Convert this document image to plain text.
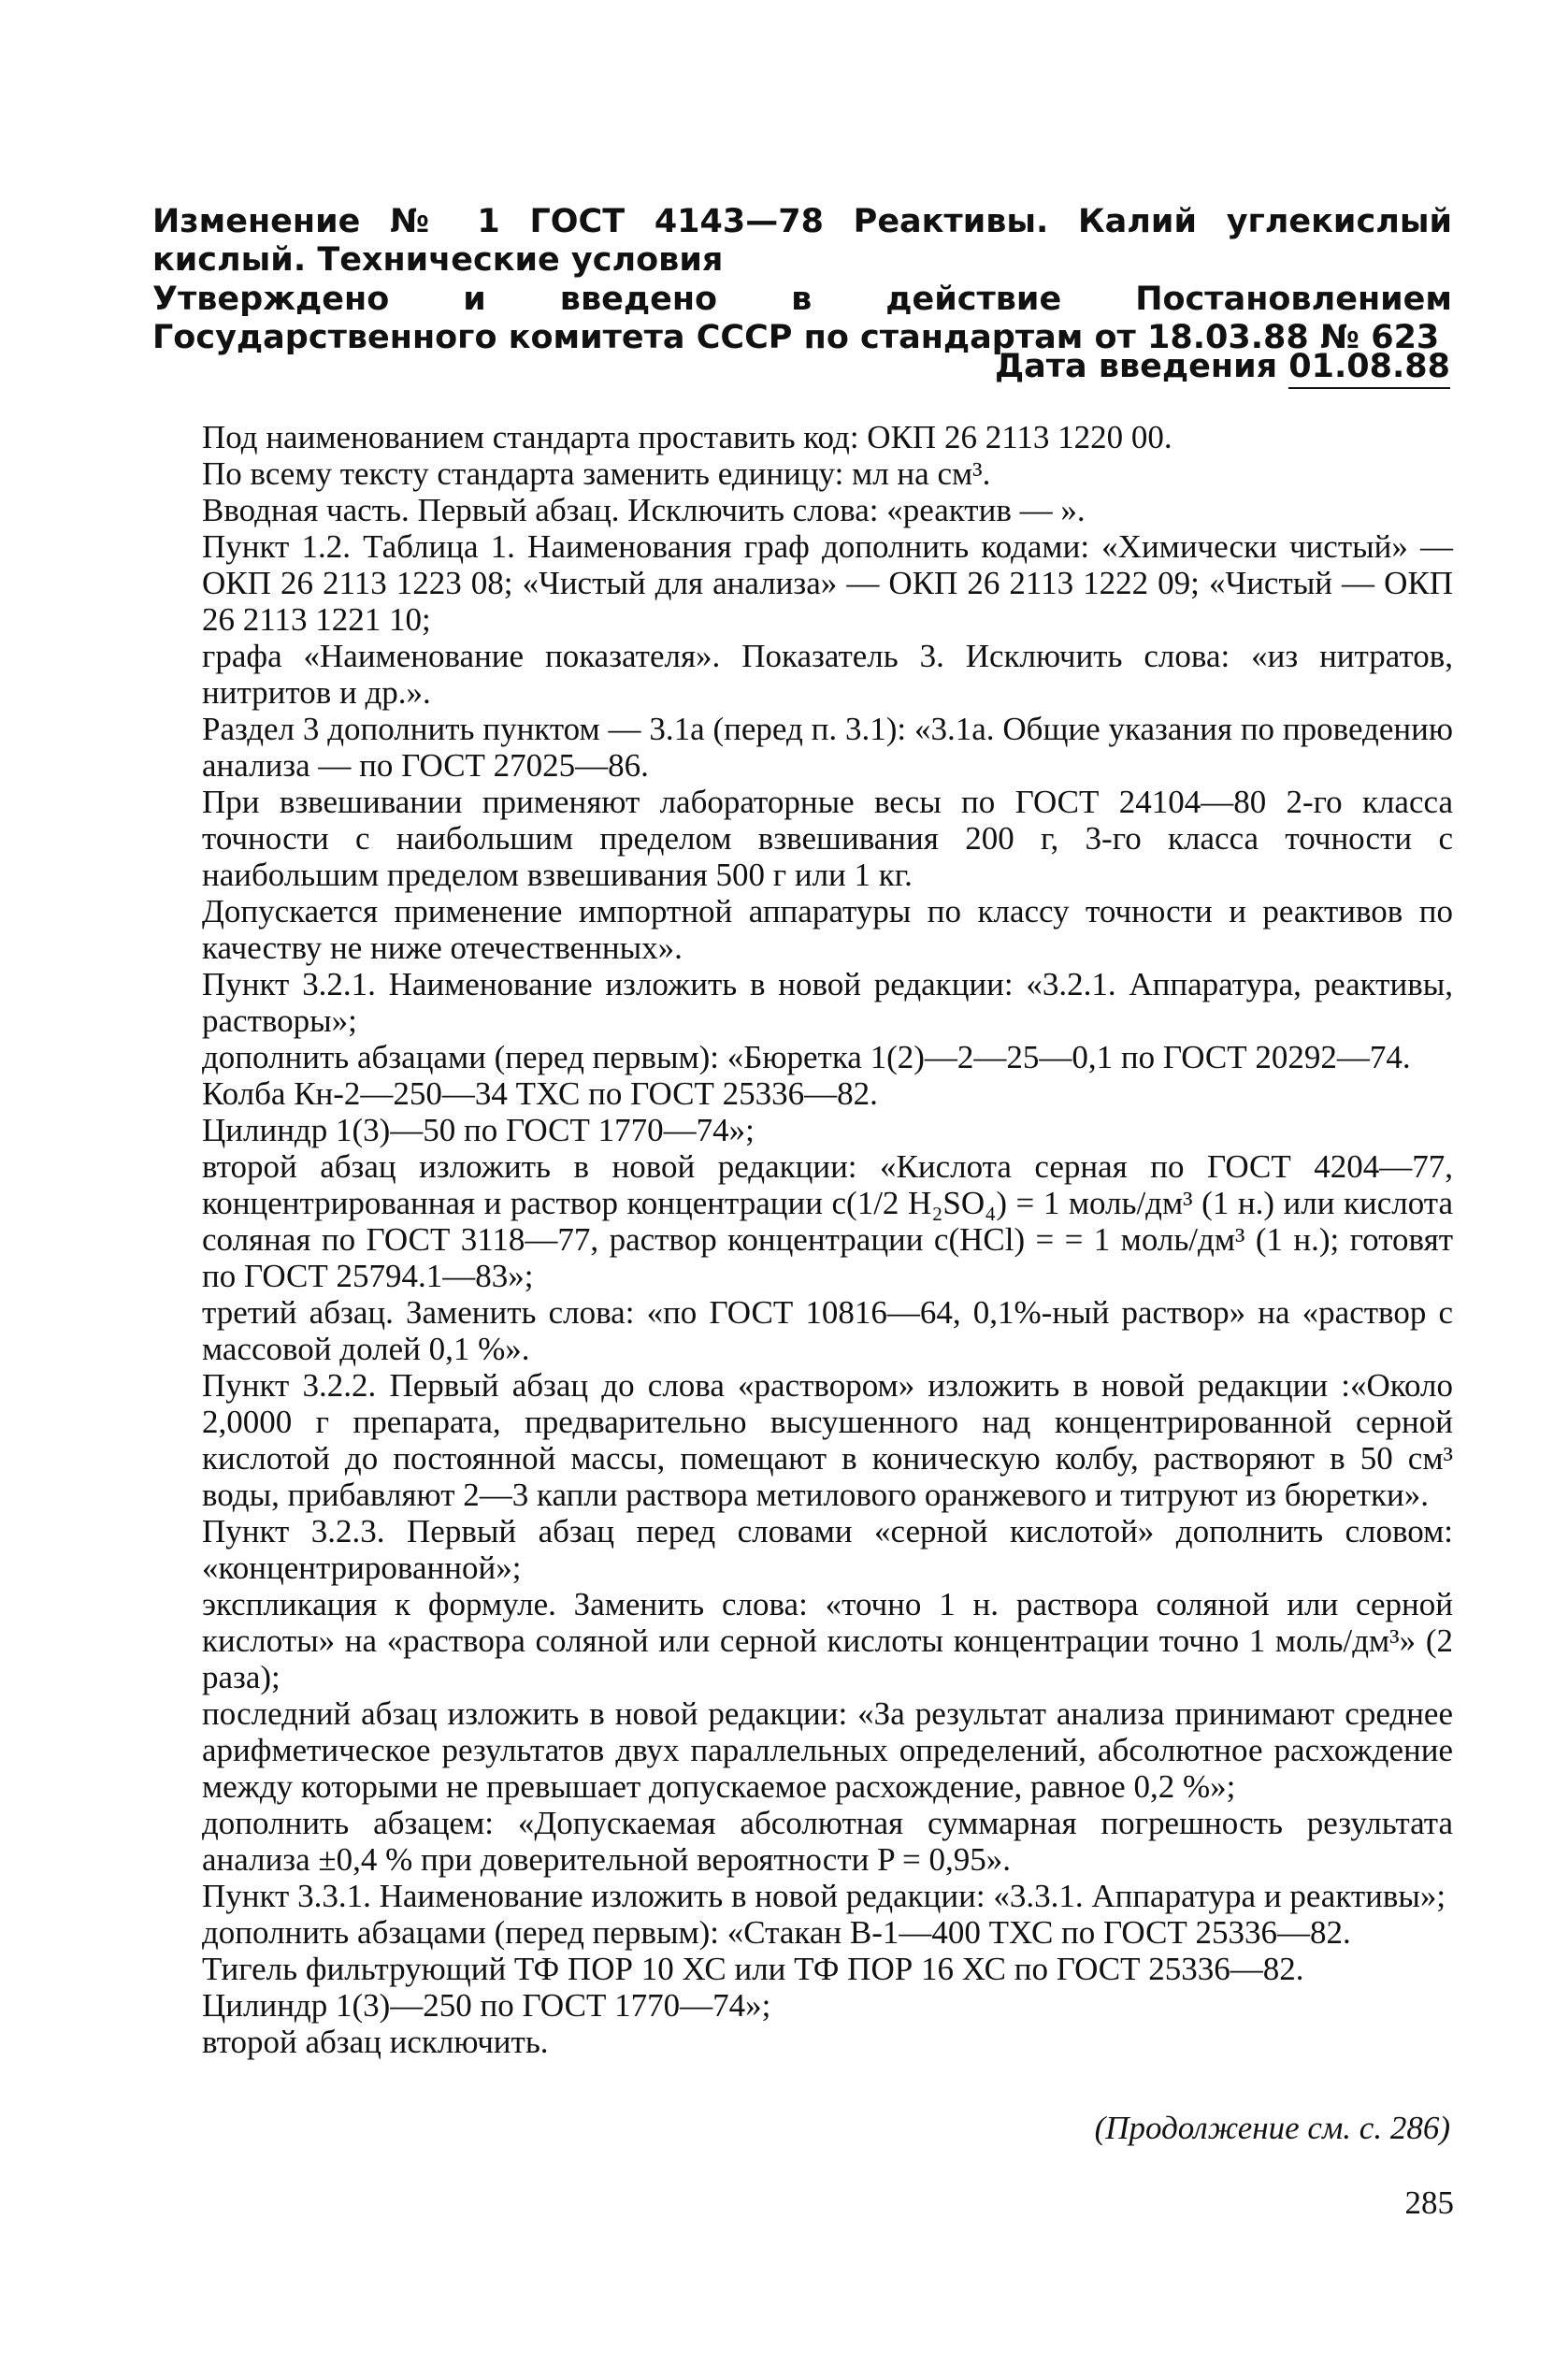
Изменение № 1 ГОСТ 4143—78 Реактивы. Калий углекислый кислый. Технические условия
Утверждено и введено в действие Постановлением Государственного комитета СССР по стандартам от 18.03.88 № 623
Дата введения 01.08.88

Под наименованием стандарта проставить код: ОКП 26 2113 1220 00.

По всему тексту стандарта заменить единицу: мл на см³.

Вводная часть. Первый абзац. Исключить слова: «реактив — ».

Пункт 1.2. Таблица 1. Наименования граф дополнить кодами: «Химически чистый» — ОКП 26 2113 1223 08; «Чистый для анализа» — ОКП 26 2113 1222 09; «Чистый — ОКП 26 2113 1221 10;

графа «Наименование показателя». Показатель 3. Исключить слова: «из нитратов, нитритов и др.».

Раздел 3 дополнить пунктом — 3.1а (перед п. 3.1): «3.1а. Общие указания по проведению анализа — по ГОСТ 27025—86.

При взвешивании применяют лабораторные весы по ГОСТ 24104—80 2-го класса точности с наибольшим пределом взвешивания 200 г, 3-го класса точности с наибольшим пределом взвешивания 500 г или 1 кг.

Допускается применение импортной аппаратуры по классу точности и реактивов по качеству не ниже отечественных».

Пункт 3.2.1. Наименование изложить в новой редакции: «3.2.1. Аппаратура, реактивы, растворы»;

дополнить абзацами (перед первым): «Бюретка 1(2)—2—25—0,1 по ГОСТ 20292—74.

Колба Кн-2—250—34 ТХС по ГОСТ 25336—82.

Цилиндр 1(3)—50 по ГОСТ 1770—74»;

второй абзац изложить в новой редакции: «Кислота серная по ГОСТ 4204—77, концентрированная и раствор концентрации с(1/2 H₂SO₄) = 1 моль/дм³ (1 н.) или кислота соляная по ГОСТ 3118—77, раствор концентрации с(HCl) = = 1 моль/дм³ (1 н.); готовят по ГОСТ 25794.1—83»;

третий абзац. Заменить слова: «по ГОСТ 10816—64, 0,1%-ный раствор» на «раствор с массовой долей 0,1 %».

Пункт 3.2.2. Первый абзац до слова «раствором» изложить в новой редакции :«Около 2,0000 г препарата, предварительно высушенного над концентрированной серной кислотой до постоянной массы, помещают в коническую колбу, растворяют в 50 см³ воды, прибавляют 2—3 капли раствора метилового оранжевого и титруют из бюретки».

Пункт 3.2.3. Первый абзац перед словами «серной кислотой» дополнить словом: «концентрированной»;

экспликация к формуле. Заменить слова: «точно 1 н. раствора соляной или серной кислоты» на «раствора соляной или серной кислоты концентрации точно 1 моль/дм³» (2 раза);

последний абзац изложить в новой редакции: «За результат анализа принимают среднее арифметическое результатов двух параллельных определений, абсолютное расхождение между которыми не превышает допускаемое расхождение, равное 0,2 %»;

дополнить абзацем: «Допускаемая абсолютная суммарная погрешность результата анализа ±0,4 % при доверительной вероятности P = 0,95».

Пункт 3.3.1. Наименование изложить в новой редакции: «3.3.1. Аппаратура и реактивы»;

дополнить абзацами (перед первым): «Стакан В-1—400 ТХС по ГОСТ 25336—82.

Тигель фильтрующий ТФ ПОР 10 ХС или ТФ ПОР 16 ХС по ГОСТ 25336—82.

Цилиндр 1(3)—250 по ГОСТ 1770—74»;

второй абзац исключить.

(Продолжение см. с. 286)
285
